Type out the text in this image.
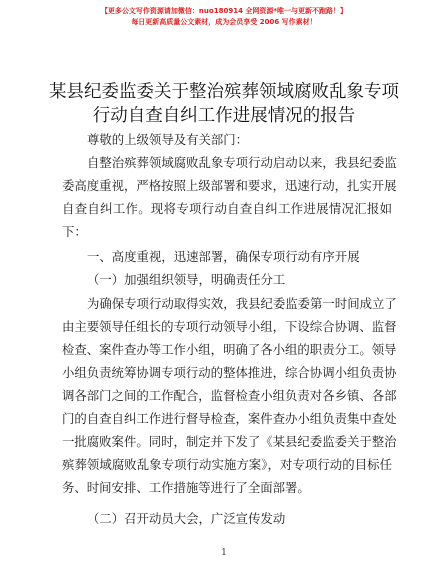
【更多公文写作资源请加微信：nuo180914 全网资源*唯一与更新不跑路！】
每日更新高质量公文素材，成为会员享受 2006 写作素材！
某县纪委监委关于整治殡葬领域腐败乱象专项
行动自查自纠工作进展情况的报告
尊敬的上级领导及有关部门：
自整治殡葬领域腐败乱象专项行动启动以来，我县纪委监
委高度重视，严格按照上级部署和要求，迅速行动，扎实开展
自查自纠工作。现将专项行动自查自纠工作进展情况汇报如
下：
一、高度重视，迅速部署，确保专项行动有序开展
（一）加强组织领导，明确责任分工
为确保专项行动取得实效，我县纪委监委第一时间成立了
由主要领导任组长的专项行动领导小组，下设综合协调、监督
检查、案件查办等工作小组，明确了各小组的职责分工。领导
小组负责统筹协调专项行动的整体推进，综合协调小组负责协
调各部门之间的工作配合，监督检查小组负责对各乡镇、各部
门的自查自纠工作进行督导检查，案件查办小组负责集中查处
一批腐败案件。同时，制定并下发了《某县纪委监委关于整治
殡葬领域腐败乱象专项行动实施方案》，对专项行动的目标任
务、时间安排、工作措施等进行了全面部署。
（二）召开动员大会，广泛宣传发动
1
